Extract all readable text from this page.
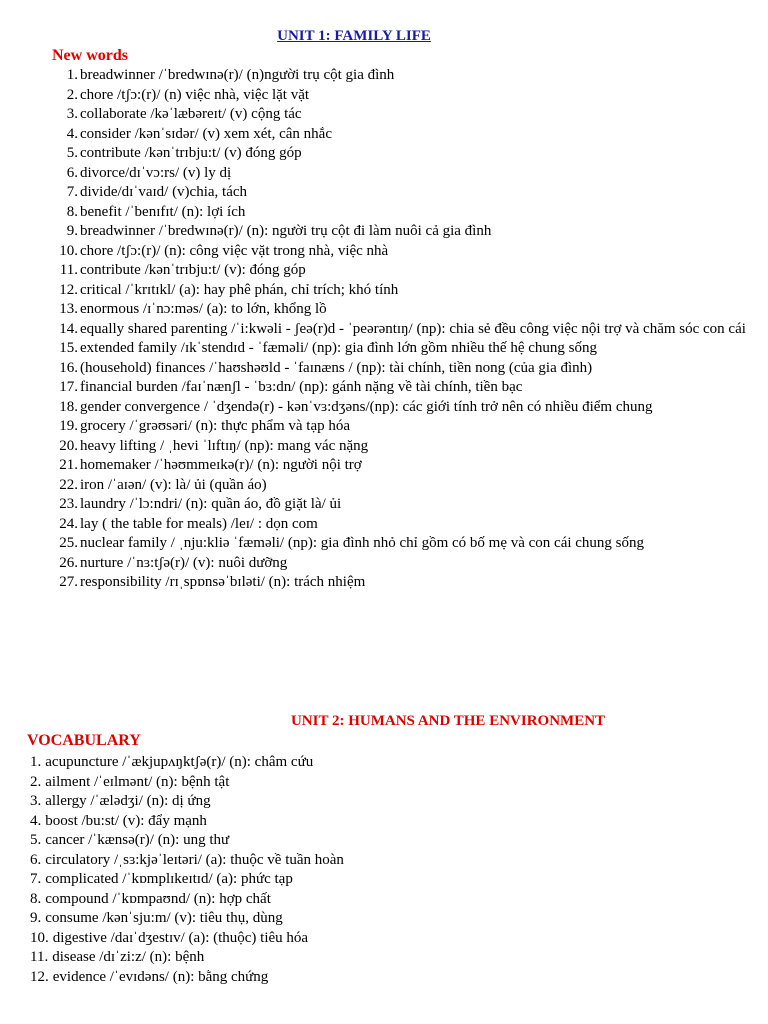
UNIT 1: FAMILY LIFE
New words
1. breadwinner /ˈbredwɪnə(r)/ (n)người trụ cột gia đình
2. chore /tʃɔ:(r)/ (n) việc nhà, việc lặt vặt
3. collaborate /kəˈlæbəreɪt/ (v) cộng tác
4. consider /kənˈsɪdər/ (v) xem xét, cân nhắc
5. contribute /kənˈtrɪbju:t/ (v) đóng góp
6. divorce/dɪˈvɔ:rs/ (v) ly dị
7. divide/dɪˈvaɪd/ (v)chia, tách
8. benefit /ˈbenɪfɪt/ (n): lợi ích
9. breadwinner /ˈbredwɪnə(r)/ (n): người trụ cột đi làm nuôi cả gia đình
10. chore /tʃɔ:(r)/ (n): công việc vặt trong nhà, việc nhà
11. contribute /kənˈtrɪbju:t/ (v): đóng góp
12. critical /ˈkrɪtɪkl/ (a): hay phê phán, chỉ trích; khó tính
13. enormous /ɪˈnɔ:məs/ (a): to lớn, khổng lồ
14. equally shared parenting /ˈi:kwəli - ʃeə(r)d - ˈpeərəntɪŋ/ (np): chia sẻ đều công việc nội trợ và chăm sóc con cái
15. extended family /ɪkˈstendɪd - ˈfæməli/ (np): gia đình lớn gồm nhiều thế hệ chung sống
16. (household) finances /ˈhaʊshəʊld - ˈfaɪnæns / (np): tài chính, tiền nong (của gia đình)
17. financial burden /faɪˈnænʃl - ˈbɜ:dn/ (np): gánh nặng về tài chính, tiền bạc
18. gender convergence / ˈdʒendə(r) - kənˈvɜ:dʒəns/(np): các giới tính trở nên có nhiều điểm chung
19. grocery /ˈgrəʊsəri/ (n): thực phẩm và tạp hóa
20. heavy lifting / ˌhevi ˈlɪftɪŋ/ (np): mang vác nặng
21. homemaker /ˈhəʊmmeɪkə(r)/ (n): người nội trợ
22. iron /ˈaɪən/ (v): là/ ủi (quần áo)
23. laundry /ˈlɔ:ndri/ (n): quần áo, đồ giặt là/ ủi
24. lay ( the table for meals) /leɪ/ : dọn com
25. nuclear family / ˌnju:kliə ˈfæməli/ (np): gia đình nhỏ chỉ gồm có bố mẹ và con cái chung sống
26. nurture /ˈnɜ:tʃə(r)/ (v): nuôi dưỡng
27. responsibility /rɪˌspɒnsəˈbɪləti/ (n): trách nhiệm
UNIT 2: HUMANS AND THE ENVIRONMENT
VOCABULARY
1. acupuncture /ˈækjupʌŋktʃə(r)/ (n): châm cứu
2. ailment /ˈeɪlmənt/ (n): bệnh tật
3. allergy /ˈælədʒi/ (n): dị ứng
4. boost /bu:st/ (v): đẩy mạnh
5. cancer /ˈkænsə(r)/ (n): ung thư
6. circulatory /ˌsɜ:kjəˈleɪtəri/ (a): thuộc về tuần hoàn
7. complicated /ˈkɒmplɪkeɪtɪd/ (a): phức tạp
8. compound /ˈkɒmpaʊnd/ (n): hợp chất
9. consume /kənˈsju:m/ (v): tiêu thụ, dùng
10. digestive /daɪˈdʒestɪv/ (a): (thuộc) tiêu hóa
11. disease /dɪˈzi:z/ (n): bệnh
12. evidence /ˈevɪdəns/ (n): bằng chứng
